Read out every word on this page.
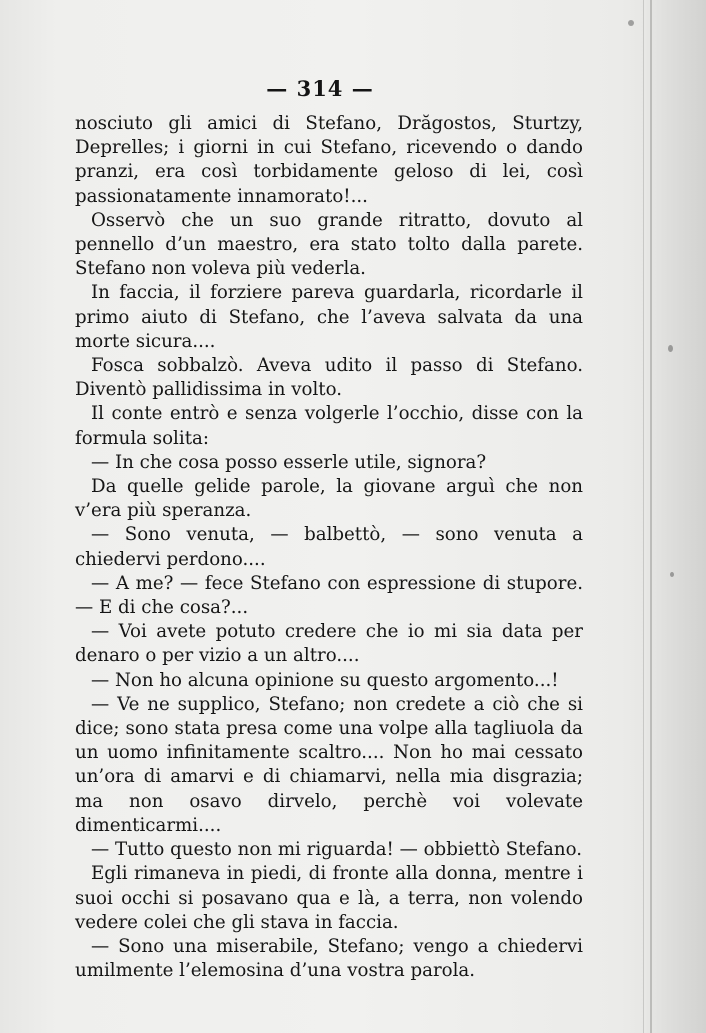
— 314 —

nosciuto gli amici di Stefano, Drăgostos, Sturtzy, Deprelles; i giorni in cui Stefano, ricevendo o dando pranzi, era così torbidamente geloso di lei, così passionatamente innamorato!...

Osservò che un suo grande ritratto, dovuto al pennello d’un maestro, era stato tolto dalla parete. Stefano non voleva più vederla.

In faccia, il forziere pareva guardarla, ricordarle il primo aiuto di Stefano, che l’aveva salvata da una morte sicura....

Fosca sobbalzò. Aveva udito il passo di Stefano. Diventò pallidissima in volto.

Il conte entrò e senza volgerle l’occhio, disse con la formula solita:

— In che cosa posso esserle utile, signora?

Da quelle gelide parole, la giovane arguì che non v’era più speranza.

— Sono venuta, — balbettò, — sono venuta a chiedervi perdono....

— A me? — fece Stefano con espressione di stupore. — E di che cosa?...

— Voi avete potuto credere che io mi sia data per denaro o per vizio a un altro....

— Non ho alcuna opinione su questo argomento...!

— Ve ne supplico, Stefano; non credete a ciò che si dice; sono stata presa come una volpe alla tagliuola da un uomo infinitamente scaltro.... Non ho mai cessato un’ora di amarvi e di chiamarvi, nella mia disgrazia; ma non osavo dirvelo, perchè voi volevate dimenticarmi....

— Tutto questo non mi riguarda! — obbiettò Stefano.

Egli rimaneva in piedi, di fronte alla donna, mentre i suoi occhi si posavano qua e là, a terra, non volendo vedere colei che gli stava in faccia.

— Sono una miserabile, Stefano; vengo a chiedervi umilmente l’elemosina d’una vostra parola.
